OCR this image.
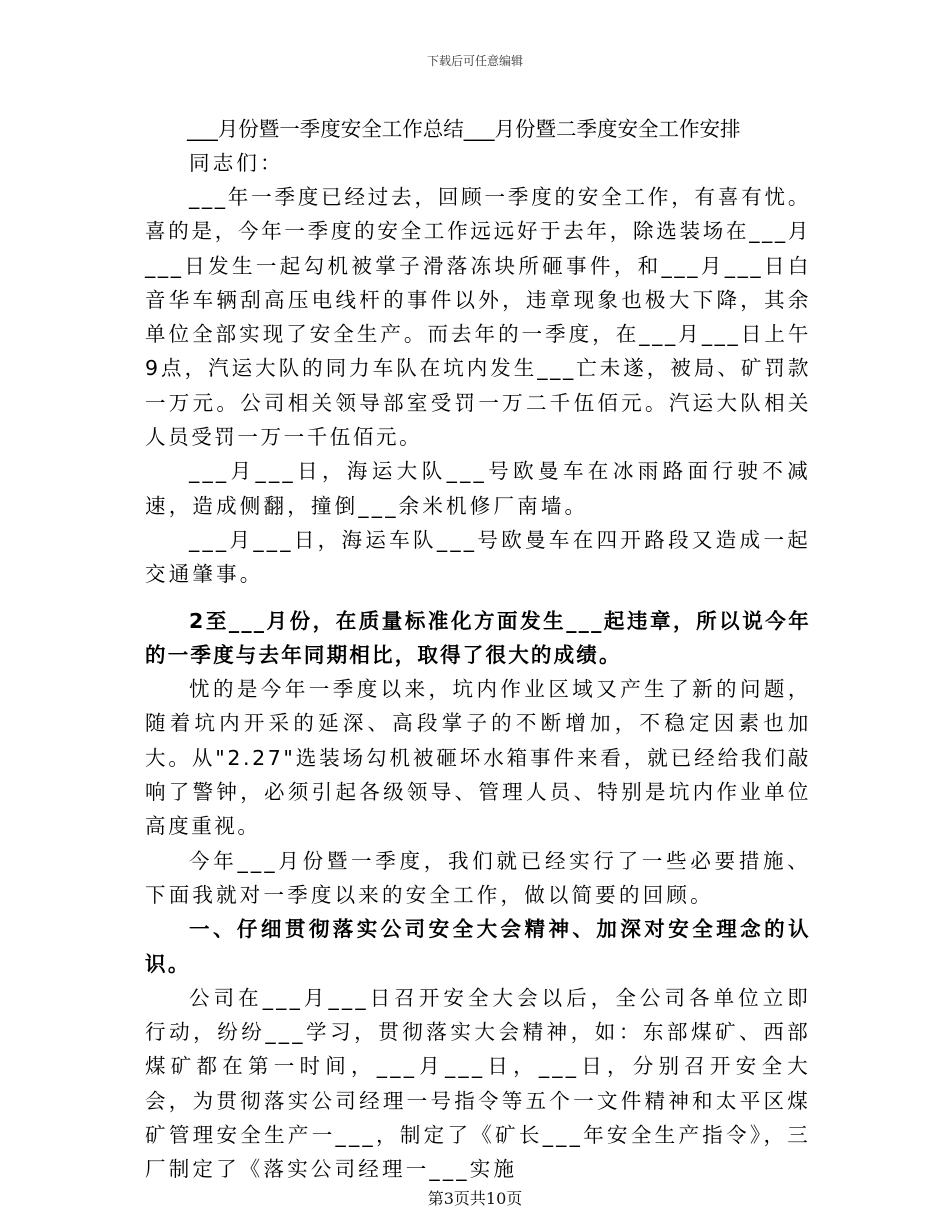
下载后可任意编辑

___月份暨一季度安全工作总结___月份暨二季度安全工作安排

同志们：

___年一季度已经过去，回顾一季度的安全工作，有喜有忧。喜的是，今年一季度的安全工作远远好于去年，除选装场在___月___日发生一起勾机被掌子滑落冻块所砸事件，和___月___日白音华车辆刮高压电线杆的事件以外，违章现象也极大下降，其余单位全部实现了安全生产。而去年的一季度，在___月___日上午9点，汽运大队的同力车队在坑内发生___亡未遂，被局、矿罚款一万元。公司相关领导部室受罚一万二千伍佰元。汽运大队相关人员受罚一万一千伍佰元。

___月___日，海运大队___号欧曼车在冰雨路面行驶不减速，造成侧翻，撞倒___余米机修厂南墙。

___月___日，海运车队___号欧曼车在四开路段又造成一起交通肇事。

2至___月份，在质量标准化方面发生___起违章，所以说今年的一季度与去年同期相比，取得了很大的成绩。

忧的是今年一季度以来，坑内作业区域又产生了新的问题，随着坑内开采的延深、高段掌子的不断增加，不稳定因素也加大。从"2.27"选装场勾机被砸坏水箱事件来看，就已经给我们敲响了警钟，必须引起各级领导、管理人员、特别是坑内作业单位高度重视。

今年___月份暨一季度，我们就已经实行了一些必要措施、下面我就对一季度以来的安全工作，做以简要的回顾。

一、仔细贯彻落实公司安全大会精神、加深对安全理念的认识。

公司在___月___日召开安全大会以后，全公司各单位立即行动，纷纷___学习，贯彻落实大会精神，如：东部煤矿、西部煤矿都在第一时间，___月___日，___日，分别召开安全大会，为贯彻落实公司经理一号指令等五个一文件精神和太平区煤矿管理安全生产一___，制定了《矿长___年安全生产指令》，三厂制定了《落实公司经理一___实施

第3页共10页
